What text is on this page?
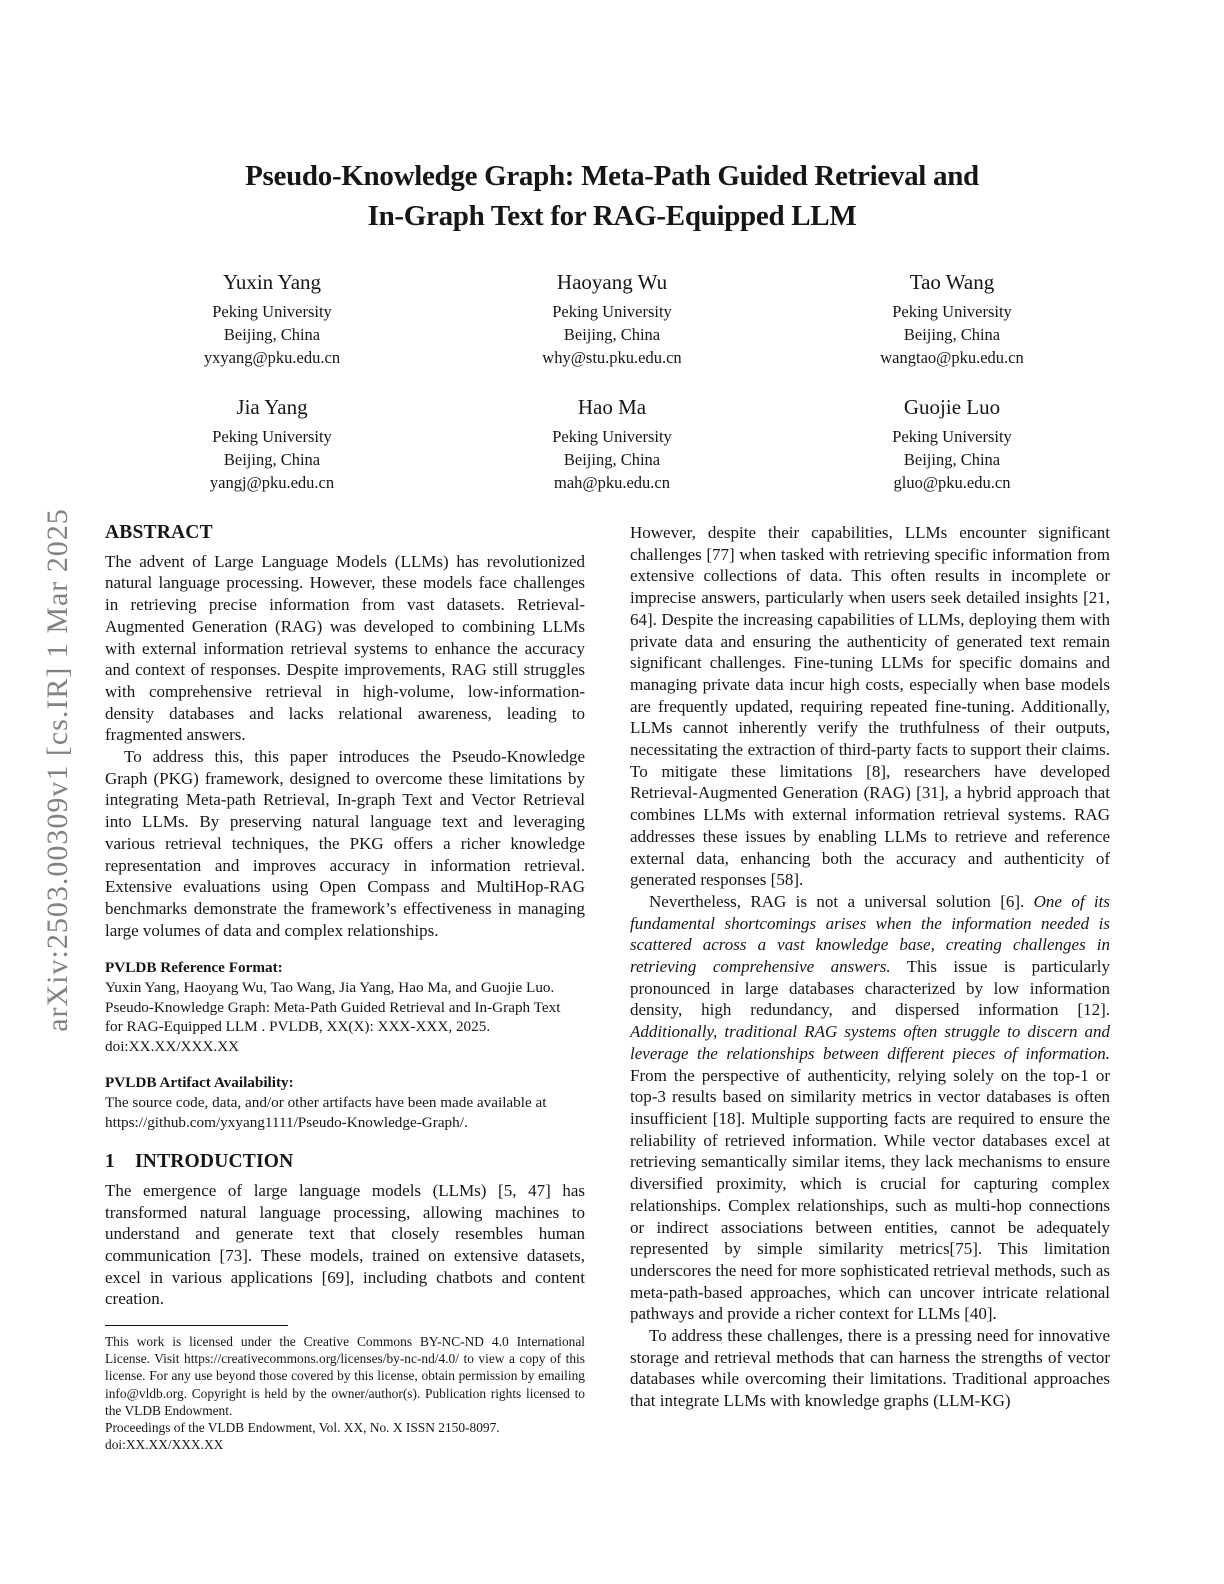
arXiv:2503.00309v1 [cs.IR] 1 Mar 2025
Pseudo-Knowledge Graph: Meta-Path Guided Retrieval and
In-Graph Text for RAG-Equipped LLM
Yuxin Yang
Peking University
Beijing, China
yxyang@pku.edu.cn
Haoyang Wu
Peking University
Beijing, China
why@stu.pku.edu.cn
Tao Wang
Peking University
Beijing, China
wangtao@pku.edu.cn
Jia Yang
Peking University
Beijing, China
yangj@pku.edu.cn
Hao Ma
Peking University
Beijing, China
mah@pku.edu.cn
Guojie Luo
Peking University
Beijing, China
gluo@pku.edu.cn
ABSTRACT

The advent of Large Language Models (LLMs) has revolutionized natural language processing. However, these models face challenges in retrieving precise information from vast datasets. Retrieval-Augmented Generation (RAG) was developed to combining LLMs with external information retrieval systems to enhance the accuracy and context of responses. Despite improvements, RAG still struggles with comprehensive retrieval in high-volume, low-information-density databases and lacks relational awareness, leading to fragmented answers.

To address this, this paper introduces the Pseudo-Knowledge Graph (PKG) framework, designed to overcome these limitations by integrating Meta-path Retrieval, In-graph Text and Vector Retrieval into LLMs. By preserving natural language text and leveraging various retrieval techniques, the PKG offers a richer knowledge representation and improves accuracy in information retrieval. Extensive evaluations using Open Compass and MultiHop-RAG benchmarks demonstrate the framework’s effectiveness in managing large volumes of data and complex relationships.

PVLDB Reference Format:
Yuxin Yang, Haoyang Wu, Tao Wang, Jia Yang, Hao Ma, and Guojie Luo.
Pseudo-Knowledge Graph: Meta-Path Guided Retrieval and In-Graph Text
for RAG-Equipped LLM . PVLDB, XX(X): XXX-XXX, 2025.
doi:XX.XX/XXX.XX
PVLDB Artifact Availability:
The source code, data, and/or other artifacts have been made available at https://github.com/yxyang1111/Pseudo-Knowledge-Graph/.
1 INTRODUCTION

The emergence of large language models (LLMs) [5, 47] has transformed natural language processing, allowing machines to understand and generate text that closely resembles human communication [73]. These models, trained on extensive datasets, excel in various applications [69], including chatbots and content creation.

This work is licensed under the Creative Commons BY-NC-ND 4.0 International License. Visit https://creativecommons.org/licenses/by-nc-nd/4.0/ to view a copy of this license. For any use beyond those covered by this license, obtain permission by emailing info@vldb.org. Copyright is held by the owner/author(s). Publication rights licensed to the VLDB Endowment.

Proceedings of the VLDB Endowment, Vol. XX, No. X ISSN 2150-8097.

doi:XX.XX/XXX.XX

However, despite their capabilities, LLMs encounter significant challenges [77] when tasked with retrieving specific information from extensive collections of data. This often results in incomplete or imprecise answers, particularly when users seek detailed insights [21, 64]. Despite the increasing capabilities of LLMs, deploying them with private data and ensuring the authenticity of generated text remain significant challenges. Fine-tuning LLMs for specific domains and managing private data incur high costs, especially when base models are frequently updated, requiring repeated fine-tuning. Additionally, LLMs cannot inherently verify the truthfulness of their outputs, necessitating the extraction of third-party facts to support their claims. To mitigate these limitations [8], researchers have developed Retrieval-Augmented Generation (RAG) [31], a hybrid approach that combines LLMs with external information retrieval systems. RAG addresses these issues by enabling LLMs to retrieve and reference external data, enhancing both the accuracy and authenticity of generated responses [58].

Nevertheless, RAG is not a universal solution [6]. One of its fundamental shortcomings arises when the information needed is scattered across a vast knowledge base, creating challenges in retrieving comprehensive answers. This issue is particularly pronounced in large databases characterized by low information density, high redundancy, and dispersed information [12]. Additionally, traditional RAG systems often struggle to discern and leverage the relationships between different pieces of information. From the perspective of authenticity, relying solely on the top-1 or top-3 results based on similarity metrics in vector databases is often insufficient [18]. Multiple supporting facts are required to ensure the reliability of retrieved information. While vector databases excel at retrieving semantically similar items, they lack mechanisms to ensure diversified proximity, which is crucial for capturing complex relationships. Complex relationships, such as multi-hop connections or indirect associations between entities, cannot be adequately represented by simple similarity metrics[75]. This limitation underscores the need for more sophisticated retrieval methods, such as meta-path-based approaches, which can uncover intricate relational pathways and provide a richer context for LLMs [40].

To address these challenges, there is a pressing need for innovative storage and retrieval methods that can harness the strengths of vector databases while overcoming their limitations. Traditional approaches that integrate LLMs with knowledge graphs (LLM-KG)
